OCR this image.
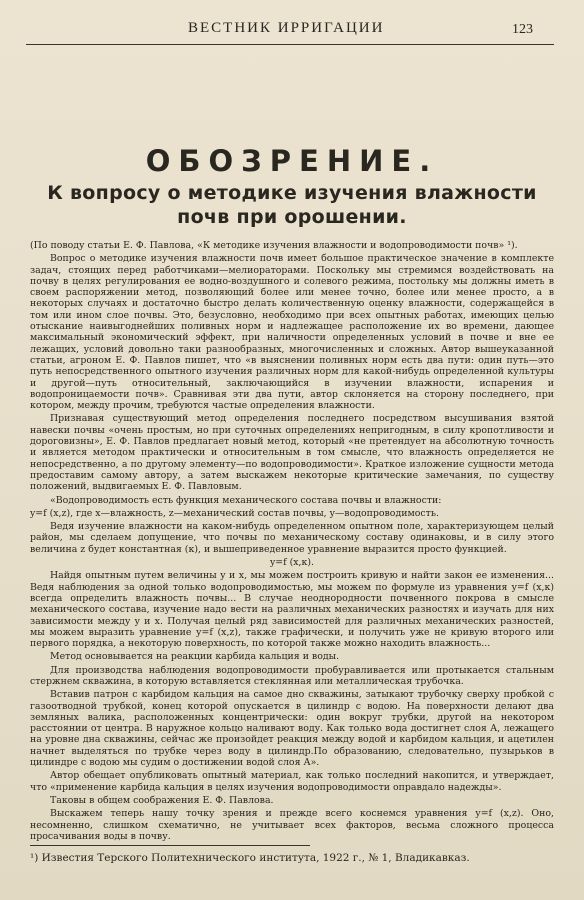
ВЕСТНИК ИРРИГАЦИИ	123
ОБОЗРЕНИЕ.
К вопросу о методике изучения влажности почв при орошении.

(По поводу статьи Е. Ф. Павлова, «К методике изучения влажности и водопроводимости почв» ¹).

Вопрос о методике изучения влажности почв имеет большое практическое значение в комплекте задач, стоящих перед работчиками—мелиораторами. Поскольку мы стремимся воздействовать на почву в целях регулирования ее водно-воздушного и солевого режима, постольку мы должны иметь в своем распоряжении метод, позволяющий более или менее точно, более или менее просто, а в некоторых случаях и достаточно быстро делать количественную оценку влажности, содержащейся в том или ином слое почвы. Это, безусловно, необходимо при всех опытных работах, имеющих целью отыскание наивыгоднейших поливных норм и надлежащее расположение их во времени, дающее максимальный экономический эффект, при наличности определенных условий в почве и вне ее лежащих, условий довольно таки разнообразных, многочисленных и сложных. Автор вышеуказанной статьи, агроном Е. Ф. Павлов пишет, что «в выяснении поливных норм есть два пути: один путь—это путь непосредственного опытного изучения различных норм для какой-нибудь определенной культуры и другой—путь относительный, заключающийся в изучении влажности, испарения и водопроницаемости почв». Сравнивая эти два пути, автор склоняется на сторону последнего, при котором, между прочим, требуются частые определения влажности.

Признавая существующий метод определения последнего посредством высушивания взятой навески почвы «очень простым, но при суточных определениях непригодным, в силу кропотливости и дороговизны», Е. Ф. Павлов предлагает новый метод, который «не претендует на абсолютную точность и является методом практически и относительным в том смысле, что влажность определяется не непосредственно, а по другому элементу—по водопроводимости». Краткое изложение сущности метода предоставим самому автору, а затем выскажем некоторые критические замечания, по существу положений, выдвигаемых Е. Ф. Павловым.

«Водопроводимость есть функция механического состава почвы и влажности:

y=f (x,z), где x—влажность, z—механический состав почвы, y—водопроводимость.

Ведя изучение влажности на каком-нибудь определенном опытном поле, характеризующем целый район, мы сделаем допущение, что почвы по механическому составу одинаковы, и в силу этого величина z будет константная (к), и вышеприведенное уравнение выразится просто функцией.

y=f (x,к).

Найдя опытным путем величины y и x, мы можем построить кривую и найти закон ее изменения... Ведя наблюдения за одной только водопроводимостью, мы можем по формуле из уравнения y=f (x,к) всегда определить влажность почвы... В случае неоднородности почвенного покрова в смысле механического состава, изучение надо вести на различных механических разностях и изучать для них зависимости между y и x. Получая целый ряд зависимостей для различных механических разностей, мы можем выразить уравнение y=f (x,z), также графически, и получить уже не кривую второго или первого порядка, а некоторую поверхность, по которой также можно находить влажность...

Метод основывается на реакции карбида кальция и воды.

Для производства наблюдения водопроводимости пробуравливается или протыкается стальным стержнем скважина, в которую вставляется стеклянная или металлическая трубочка.

Вставив патрон с карбидом кальция на самое дно скважины, затыкают трубочку сверху пробкой с газоотводной трубкой, конец которой опускается в цилиндр с водою. На поверхности делают два земляных валика, расположенных концентрически: один вокруг трубки, другой на некотором расстоянии от центра. В наружное кольцо наливают воду. Как только вода достигнет слоя А, лежащего на уровне дна скважины, сейчас же произойдет реакция между водой и карбидом кальция, и ацетилен начнет выделяться по трубке через воду в цилиндр.По образованию, следовательно, пузырьков в цилиндре с водою мы судим о достижении водой слоя А».

Автор обещает опубликовать опытный материал, как только последний накопится, и утверждает, что «применение карбида кальция в целях изучения водопроводимости оправдало надежды».

Таковы в общем соображения Е. Ф. Павлова.

Выскажем теперь нашу точку зрения и прежде всего коснемся уравнения y=f (x,z). Оно, несомненно, слишком схематично, не учитывает всех факторов, весьма сложного процесса просачивания воды в почву.

¹) Известия Терского Политехнического института, 1922 г., № 1, Владикавказ.
